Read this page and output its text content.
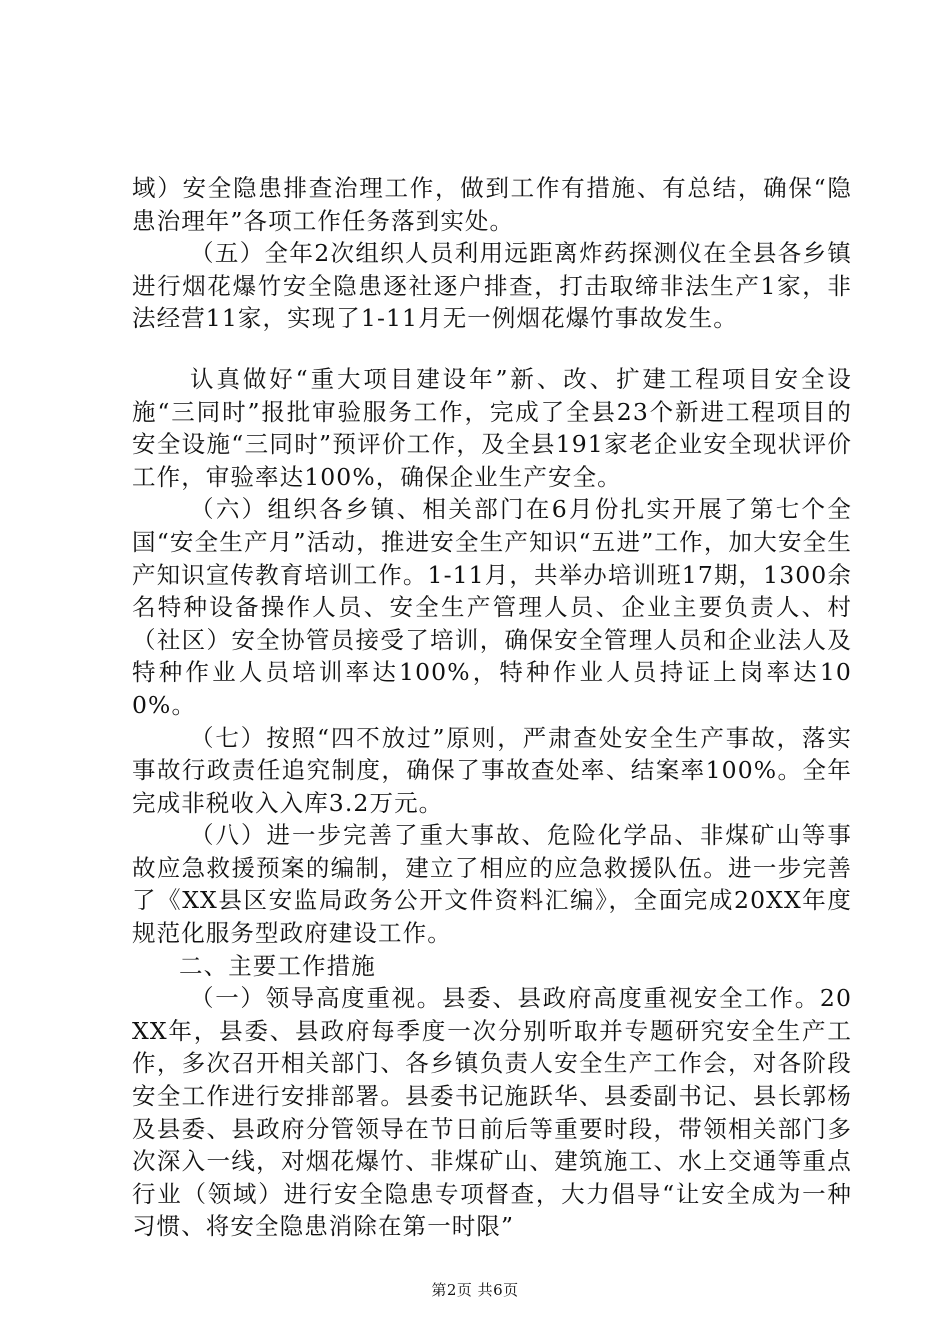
域）安全隐患排查治理工作，做到工作有措施、有总结，确保“隐患治理年”各项工作任务落到实处。

（五）全年2次组织人员利用远距离炸药探测仪在全县各乡镇进行烟花爆竹安全隐患逐社逐户排查，打击取缔非法生产1家，非法经营11家，实现了1-11月无一例烟花爆竹事故发生。

认真做好“重大项目建设年”新、改、扩建工程项目安全设施“三同时”报批审验服务工作，完成了全县23个新进工程项目的安全设施“三同时”预评价工作，及全县191家老企业安全现状评价工作，审验率达100%，确保企业生产安全。

（六）组织各乡镇、相关部门在6月份扎实开展了第七个全国“安全生产月”活动，推进安全生产知识“五进”工作，加大安全生产知识宣传教育培训工作。1-11月，共举办培训班17期，1300余名特种设备操作人员、安全生产管理人员、企业主要负责人、村（社区）安全协管员接受了培训，确保安全管理人员和企业法人及特种作业人员培训率达100%，特种作业人员持证上岗率达100%。

（七）按照“四不放过”原则，严肃查处安全生产事故，落实事故行政责任追究制度，确保了事故查处率、结案率100%。全年完成非税收入入库3.2万元。

（八）进一步完善了重大事故、危险化学品、非煤矿山等事故应急救援预案的编制，建立了相应的应急救援队伍。进一步完善了《XX县区安监局政务公开文件资料汇编》，全面完成20XX年度规范化服务型政府建设工作。

二、主要工作措施

（一）领导高度重视。县委、县政府高度重视安全工作。20XX年，县委、县政府每季度一次分别听取并专题研究安全生产工作，多次召开相关部门、各乡镇负责人安全生产工作会，对各阶段安全工作进行安排部署。县委书记施跃华、县委副书记、县长郭杨及县委、县政府分管领导在节日前后等重要时段，带领相关部门多次深入一线，对烟花爆竹、非煤矿山、建筑施工、水上交通等重点行业（领域）进行安全隐患专项督查，大力倡导“让安全成为一种习惯、将安全隐患消除在第一时限”

第2页 共6页
